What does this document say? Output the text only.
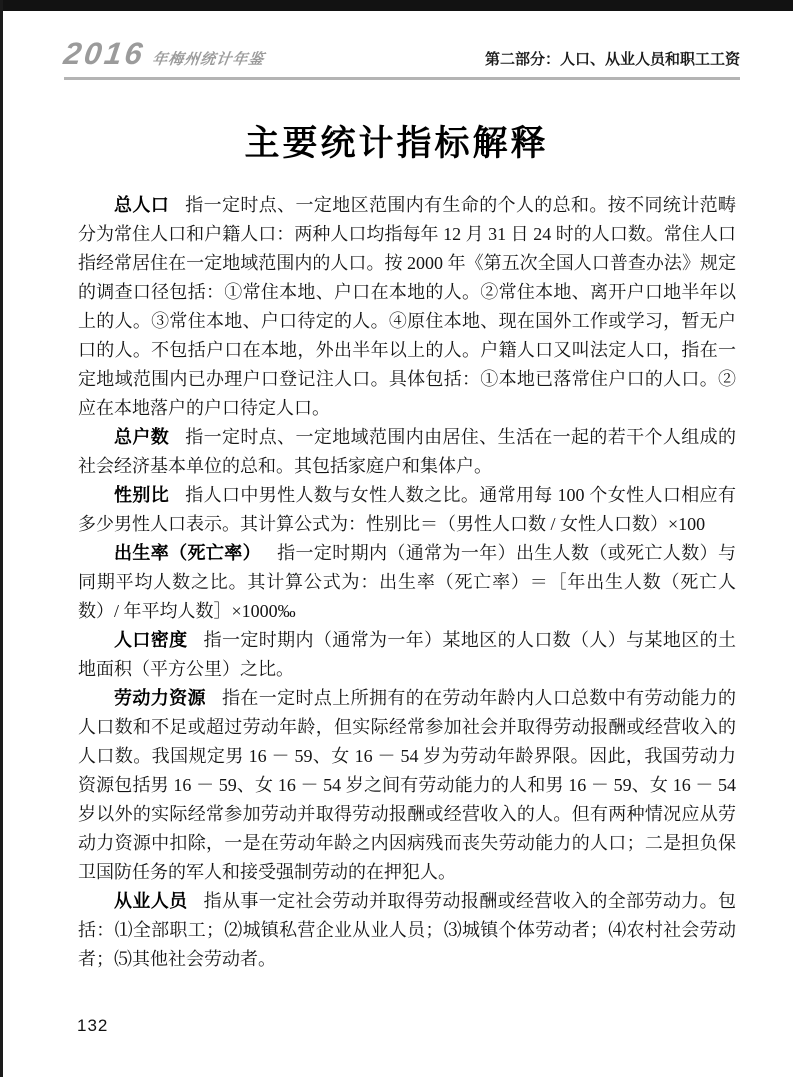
2016 年梅州统计年鉴	第二部分：人口、从业人员和职工工资
主要统计指标解释

总人口 指一定时点、一定地区范围内有生命的个人的总和。按不同统计范畴分为常住人口和户籍人口：两种人口均指每年 12 月 31 日 24 时的人口数。常住人口指经常居住在一定地域范围内的人口。按 2000 年《第五次全国人口普查办法》规定的调查口径包括：①常住本地、户口在本地的人。②常住本地、离开户口地半年以上的人。③常住本地、户口待定的人。④原住本地、现在国外工作或学习，暂无户口的人。不包括户口在本地，外出半年以上的人。户籍人口又叫法定人口，指在一定地域范围内已办理户口登记注人口。具体包括：①本地已落常住户口的人口。②应在本地落户的户口待定人口。

总户数 指一定时点、一定地域范围内由居住、生活在一起的若干个人组成的社会经济基本单位的总和。其包括家庭户和集体户。

性别比 指人口中男性人数与女性人数之比。通常用每 100 个女性人口相应有多少男性人口表示。其计算公式为：性别比＝（男性人口数 / 女性人口数）×100

出生率（死亡率） 指一定时期内（通常为一年）出生人数（或死亡人数）与同期平均人数之比。其计算公式为：出生率（死亡率）＝［年出生人数（死亡人数）/ 年平均人数］×1000‰

人口密度 指一定时期内（通常为一年）某地区的人口数（人）与某地区的土地面积（平方公里）之比。

劳动力资源 指在一定时点上所拥有的在劳动年龄内人口总数中有劳动能力的人口数和不足或超过劳动年龄，但实际经常参加社会并取得劳动报酬或经营收入的人口数。我国规定男 16 － 59、女 16 － 54 岁为劳动年龄界限。因此，我国劳动力资源包括男 16 － 59、女 16 － 54 岁之间有劳动能力的人和男 16 － 59、女 16 － 54 岁以外的实际经常参加劳动并取得劳动报酬或经营收入的人。但有两种情况应从劳动力资源中扣除，一是在劳动年龄之内因病残而丧失劳动能力的人口；二是担负保卫国防任务的军人和接受强制劳动的在押犯人。

从业人员 指从事一定社会劳动并取得劳动报酬或经营收入的全部劳动力。包括：⑴全部职工；⑵城镇私营企业从业人员；⑶城镇个体劳动者；⑷农村社会劳动者；⑸其他社会劳动者。

132
